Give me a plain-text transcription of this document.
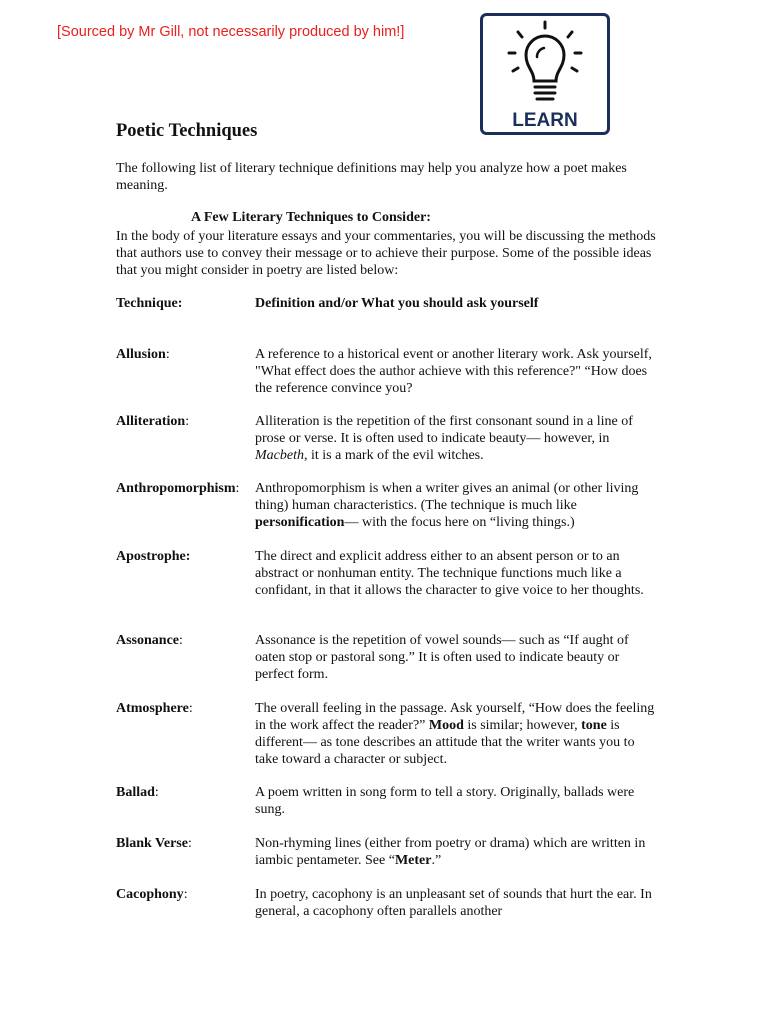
[Sourced by Mr Gill, not necessarily produced by him!]
LEARN
Poetic Techniques

The following list of literary technique definitions may help you analyze how a poet makes meaning.

A Few Literary Techniques to Consider:

In the body of your literature essays and your commentaries, you will be discussing the methods that authors use to convey their message or to achieve their purpose. Some of the possible ideas that you might consider in poetry are listed below:

Technique:	Definition and/or What you should ask yourself
Allusion:	A reference to a historical event or another literary work. Ask yourself, "What effect does the author achieve with this reference?" “How does the reference convince you?
Alliteration:	Alliteration is the repetition of the first consonant sound in a line of prose or verse. It is often used to indicate beauty— however, in Macbeth, it is a mark of the evil witches.
Anthropomorphism: Anthropomorphism is when a writer gives an animal (or other living thing) human characteristics. (The technique is much like personification— with the focus here on “living things.)
Apostrophe:	The direct and explicit address either to an absent person or to an abstract or nonhuman entity. The technique functions much like a confidant, in that it allows the character to give voice to her thoughts.
Assonance:	Assonance is the repetition of vowel sounds— such as “If aught of oaten stop or pastoral song.” It is often used to indicate beauty or perfect form.
Atmosphere:	The overall feeling in the passage. Ask yourself, “How does the feeling in the work affect the reader?” Mood is similar; however, tone is different— as tone describes an attitude that the writer wants you to take toward a character or subject.
Ballad:	A poem written in song form to tell a story. Originally, ballads were sung.
Blank Verse:	Non-rhyming lines (either from poetry or drama) which are written in iambic pentameter. See “Meter.”
Cacophony:	In poetry, cacophony is an unpleasant set of sounds that hurt the ear. In general, a cacophony often parallels another
